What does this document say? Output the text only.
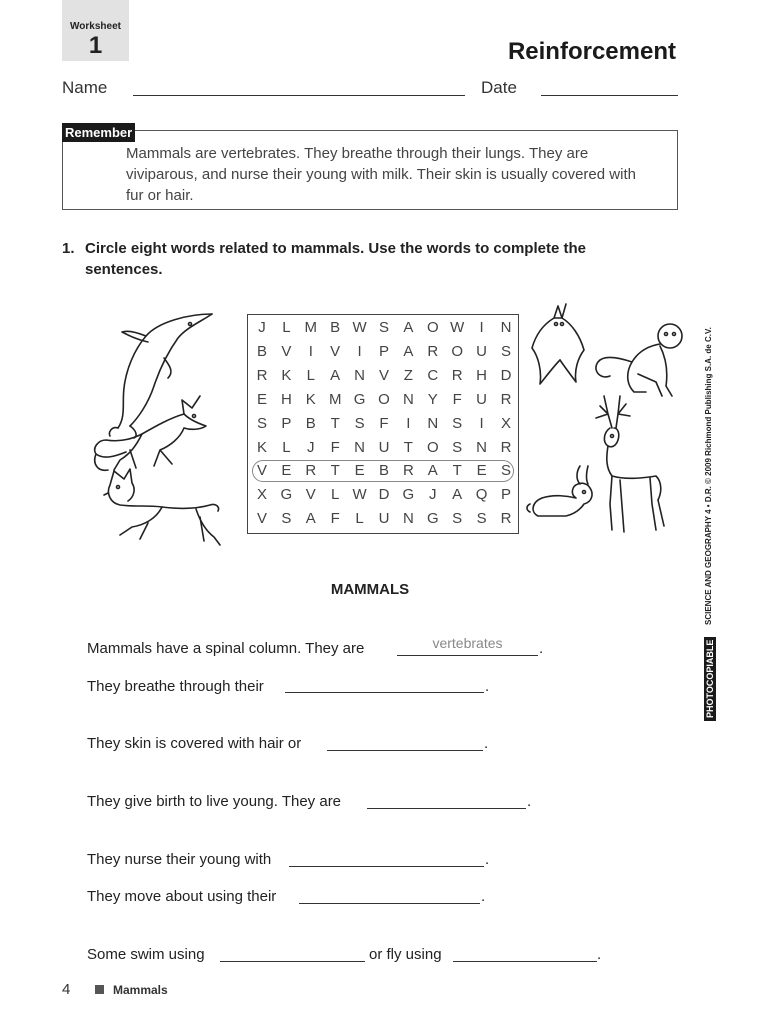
Worksheet
1	Reinforcement
Name	Date
Remember
Mammals are vertebrates. They breathe through their lungs. They are viviparous, and nurse their young with milk. Their skin is usually covered with fur or hair.
1. Circle eight words related to mammals. Use the words to complete the sentences.
J	L M B W S A O W	I	N
B V	I	V	I	P A R O U S
R K	L	A N V Z C R H D
E H K M G O N Y F U R
S P B T S F	I	N S	I	X
K	L	J	F N U T O S N R
V E R T E B R A T E S
X G V	L W D G J	A Q P
V S A F	L U N G S S R
MAMMALS
Mammals have a spinal column. They are	vertebrates	.
They breathe through their	.
They skin is covered with hair or	.
They give birth to live young. They are	.
They nurse their young with	.
They move about using their	.
Some swim using	or fly using	.
SCIENCE AND GEOGRAPHY 4 • D.R. © 2009 Richmond Publishing S.A. de C.V.
PHOTOCOPIABLE
4	Mammals
